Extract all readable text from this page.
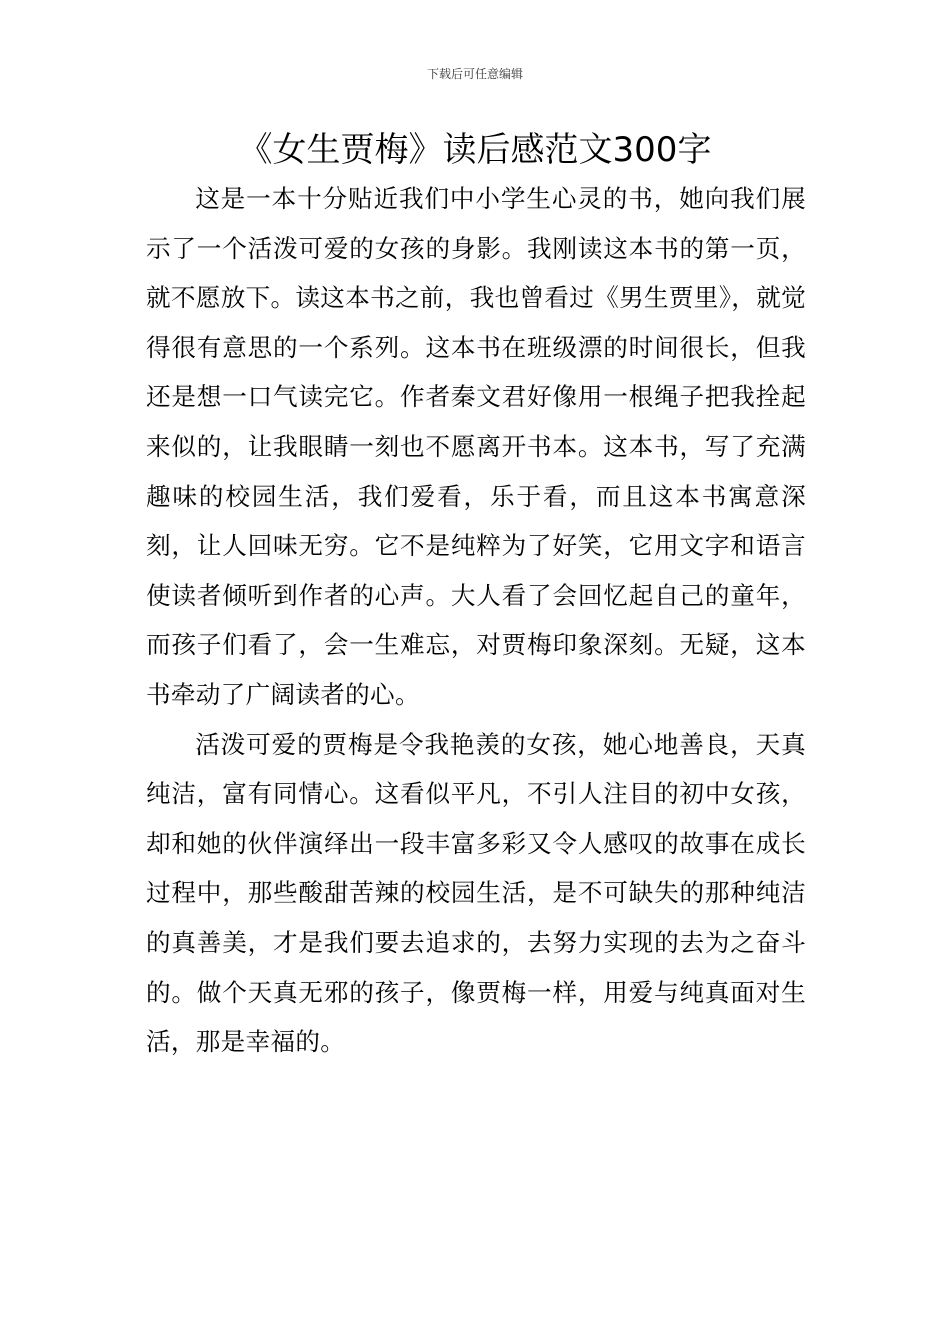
下载后可任意编辑
《女生贾梅》读后感范文300字

这是一本十分贴近我们中小学生心灵的书，她向我们展示了一个活泼可爱的女孩的身影。我刚读这本书的第一页，就不愿放下。读这本书之前，我也曾看过《男生贾里》，就觉得很有意思的一个系列。这本书在班级漂的时间很长，但我还是想一口气读完它。作者秦文君好像用一根绳子把我拴起来似的，让我眼睛一刻也不愿离开书本。这本书，写了充满趣味的校园生活，我们爱看，乐于看，而且这本书寓意深刻，让人回味无穷。它不是纯粹为了好笑，它用文字和语言使读者倾听到作者的心声。大人看了会回忆起自己的童年，而孩子们看了，会一生难忘，对贾梅印象深刻。无疑，这本书牵动了广阔读者的心。

活泼可爱的贾梅是令我艳羡的女孩，她心地善良，天真纯洁，富有同情心。这看似平凡，不引人注目的初中女孩，却和她的伙伴演绎出一段丰富多彩又令人感叹的故事在成长过程中，那些酸甜苦辣的校园生活，是不可缺失的那种纯洁的真善美，才是我们要去追求的，去努力实现的去为之奋斗的。做个天真无邪的孩子，像贾梅一样，用爱与纯真面对生活，那是幸福的。
